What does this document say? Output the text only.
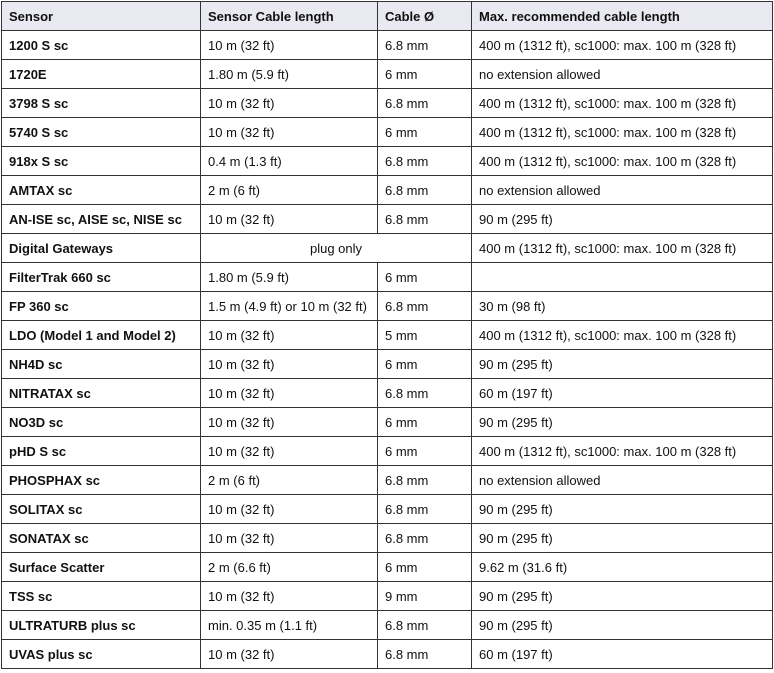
Sensor	Sensor Cable length	Cable Ø	Max. recommended cable length
1200 S sc	10 m (32 ft)	6.8 mm	400 m (1312 ft), sc1000: max. 100 m (328 ft)
1720E	1.80 m (5.9 ft)	6 mm	no extension allowed
3798 S sc	10 m (32 ft)	6.8 mm	400 m (1312 ft), sc1000: max. 100 m (328 ft)
5740 S sc	10 m (32 ft)	6 mm	400 m (1312 ft), sc1000: max. 100 m (328 ft)
918x S sc	0.4 m (1.3 ft)	6.8 mm	400 m (1312 ft), sc1000: max. 100 m (328 ft)
AMTAX sc	2 m (6 ft)	6.8 mm	no extension allowed
AN-ISE sc, AISE sc, NISE sc	10 m (32 ft)	6.8 mm	90 m (295 ft)
Digital Gateways	plug only		400 m (1312 ft), sc1000: max. 100 m (328 ft)
FilterTrak 660 sc	1.80 m (5.9 ft)	6 mm	
FP 360 sc	1.5 m (4.9 ft) or 10 m (32 ft)	6.8 mm	30 m (98 ft)
LDO (Model 1 and Model 2)	10 m (32 ft)	5 mm	400 m (1312 ft), sc1000: max. 100 m (328 ft)
NH4D sc	10 m (32 ft)	6 mm	90 m (295 ft)
NITRATAX sc	10 m (32 ft)	6.8 mm	60 m (197 ft)
NO3D sc	10 m (32 ft)	6 mm	90 m (295 ft)
pHD S sc	10 m (32 ft)	6 mm	400 m (1312 ft), sc1000: max. 100 m (328 ft)
PHOSPHAX sc	2 m (6 ft)	6.8 mm	no extension allowed
SOLITAX sc	10 m (32 ft)	6.8 mm	90 m (295 ft)
SONATAX sc	10 m (32 ft)	6.8 mm	90 m (295 ft)
Surface Scatter	2 m (6.6 ft)	6 mm	9.62 m (31.6 ft)
TSS sc	10 m (32 ft)	9 mm	90 m (295 ft)
ULTRATURB plus sc	min. 0.35 m (1.1 ft)	6.8 mm	90 m (295 ft)
UVAS plus sc	10 m (32 ft)	6.8 mm	60 m (197 ft)
